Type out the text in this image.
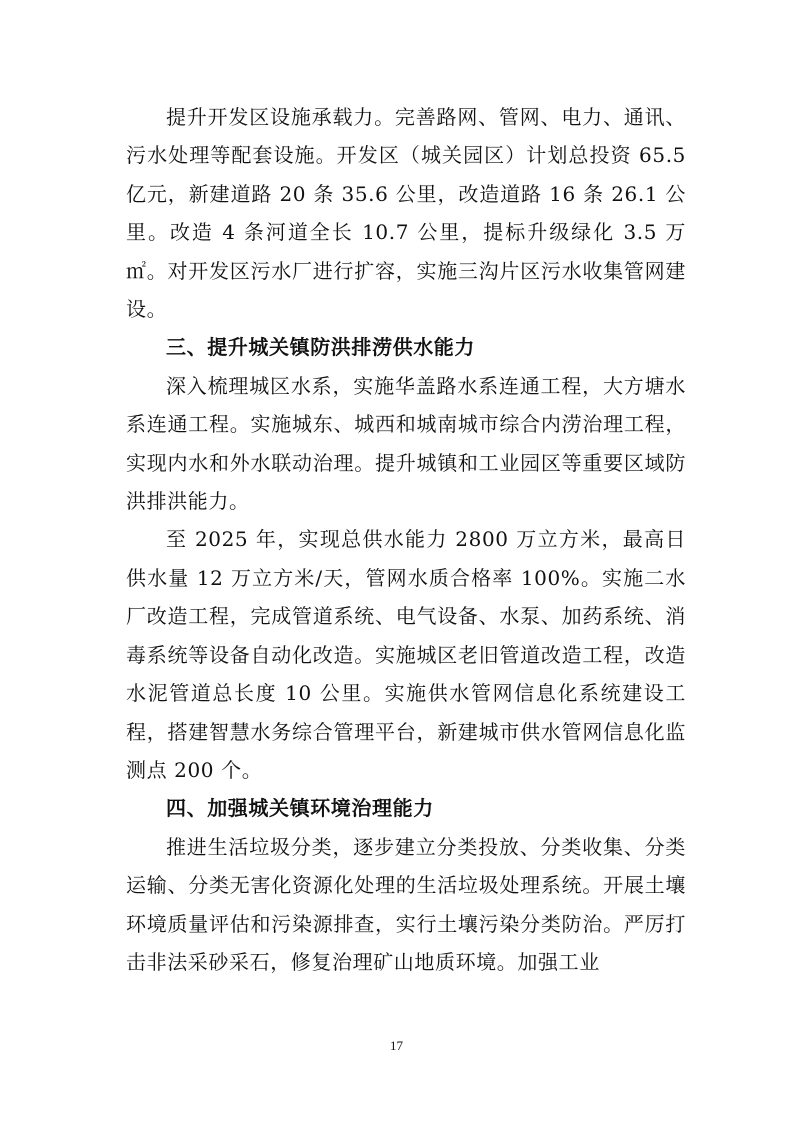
提升开发区设施承载力。完善路网、管网、电力、通讯、污水处理等配套设施。开发区（城关园区）计划总投资 65.5 亿元，新建道路 20 条 35.6 公里，改造道路 16 条 26.1 公里。改造 4 条河道全长 10.7 公里，提标升级绿化 3.5 万㎡。对开发区污水厂进行扩容，实施三沟片区污水收集管网建设。

三、提升城关镇防洪排涝供水能力

深入梳理城区水系，实施华盖路水系连通工程，大方塘水系连通工程。实施城东、城西和城南城市综合内涝治理工程，实现内水和外水联动治理。提升城镇和工业园区等重要区域防洪排洪能力。

至 2025 年，实现总供水能力 2800 万立方米，最高日供水量 12 万立方米/天，管网水质合格率 100%。实施二水厂改造工程，完成管道系统、电气设备、水泵、加药系统、消毒系统等设备自动化改造。实施城区老旧管道改造工程，改造水泥管道总长度 10 公里。实施供水管网信息化系统建设工程，搭建智慧水务综合管理平台，新建城市供水管网信息化监测点 200 个。

四、加强城关镇环境治理能力

推进生活垃圾分类，逐步建立分类投放、分类收集、分类运输、分类无害化资源化处理的生活垃圾处理系统。开展土壤环境质量评估和污染源排查，实行土壤污染分类防治。严厉打击非法采砂采石，修复治理矿山地质环境。加强工业

17
